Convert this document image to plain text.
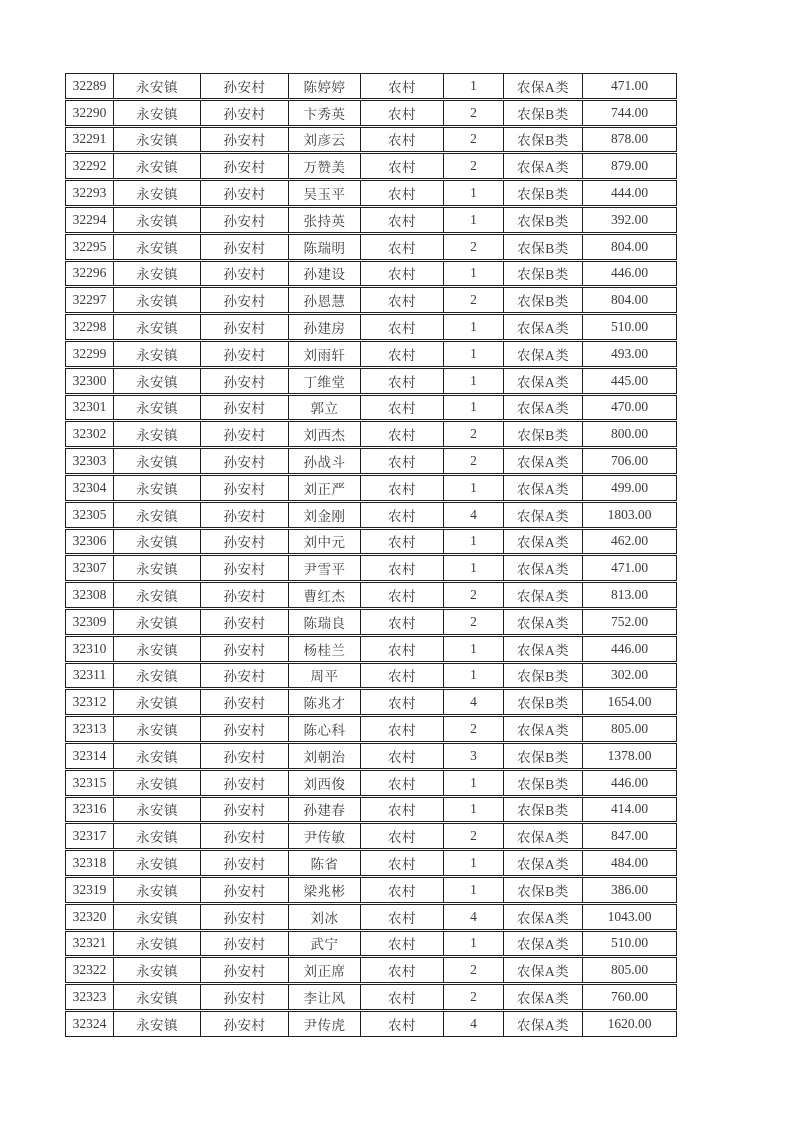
32289	永安镇	孙安村	陈婷婷	农村	1	农保A类	471.00
32290	永安镇	孙安村	卞秀英	农村	2	农保B类	744.00
32291	永安镇	孙安村	刘彦云	农村	2	农保B类	878.00
32292	永安镇	孙安村	万赞美	农村	2	农保A类	879.00
32293	永安镇	孙安村	吴玉平	农村	1	农保B类	444.00
32294	永安镇	孙安村	张持英	农村	1	农保B类	392.00
32295	永安镇	孙安村	陈瑞明	农村	2	农保B类	804.00
32296	永安镇	孙安村	孙建设	农村	1	农保B类	446.00
32297	永安镇	孙安村	孙恩慧	农村	2	农保B类	804.00
32298	永安镇	孙安村	孙建房	农村	1	农保A类	510.00
32299	永安镇	孙安村	刘雨轩	农村	1	农保A类	493.00
32300	永安镇	孙安村	丁维堂	农村	1	农保A类	445.00
32301	永安镇	孙安村	郭立	农村	1	农保A类	470.00
32302	永安镇	孙安村	刘西杰	农村	2	农保B类	800.00
32303	永安镇	孙安村	孙战斗	农村	2	农保A类	706.00
32304	永安镇	孙安村	刘正严	农村	1	农保A类	499.00
32305	永安镇	孙安村	刘金刚	农村	4	农保A类	1803.00
32306	永安镇	孙安村	刘中元	农村	1	农保A类	462.00
32307	永安镇	孙安村	尹雪平	农村	1	农保A类	471.00
32308	永安镇	孙安村	曹红杰	农村	2	农保A类	813.00
32309	永安镇	孙安村	陈瑞良	农村	2	农保A类	752.00
32310	永安镇	孙安村	杨桂兰	农村	1	农保A类	446.00
32311	永安镇	孙安村	周平	农村	1	农保B类	302.00
32312	永安镇	孙安村	陈兆才	农村	4	农保B类	1654.00
32313	永安镇	孙安村	陈心科	农村	2	农保A类	805.00
32314	永安镇	孙安村	刘朝治	农村	3	农保B类	1378.00
32315	永安镇	孙安村	刘西俊	农村	1	农保B类	446.00
32316	永安镇	孙安村	孙建春	农村	1	农保B类	414.00
32317	永安镇	孙安村	尹传敏	农村	2	农保A类	847.00
32318	永安镇	孙安村	陈省	农村	1	农保A类	484.00
32319	永安镇	孙安村	梁兆彬	农村	1	农保B类	386.00
32320	永安镇	孙安村	刘冰	农村	4	农保A类	1043.00
32321	永安镇	孙安村	武宁	农村	1	农保A类	510.00
32322	永安镇	孙安村	刘正席	农村	2	农保A类	805.00
32323	永安镇	孙安村	李让风	农村	2	农保A类	760.00
32324	永安镇	孙安村	尹传虎	农村	4	农保A类	1620.00
